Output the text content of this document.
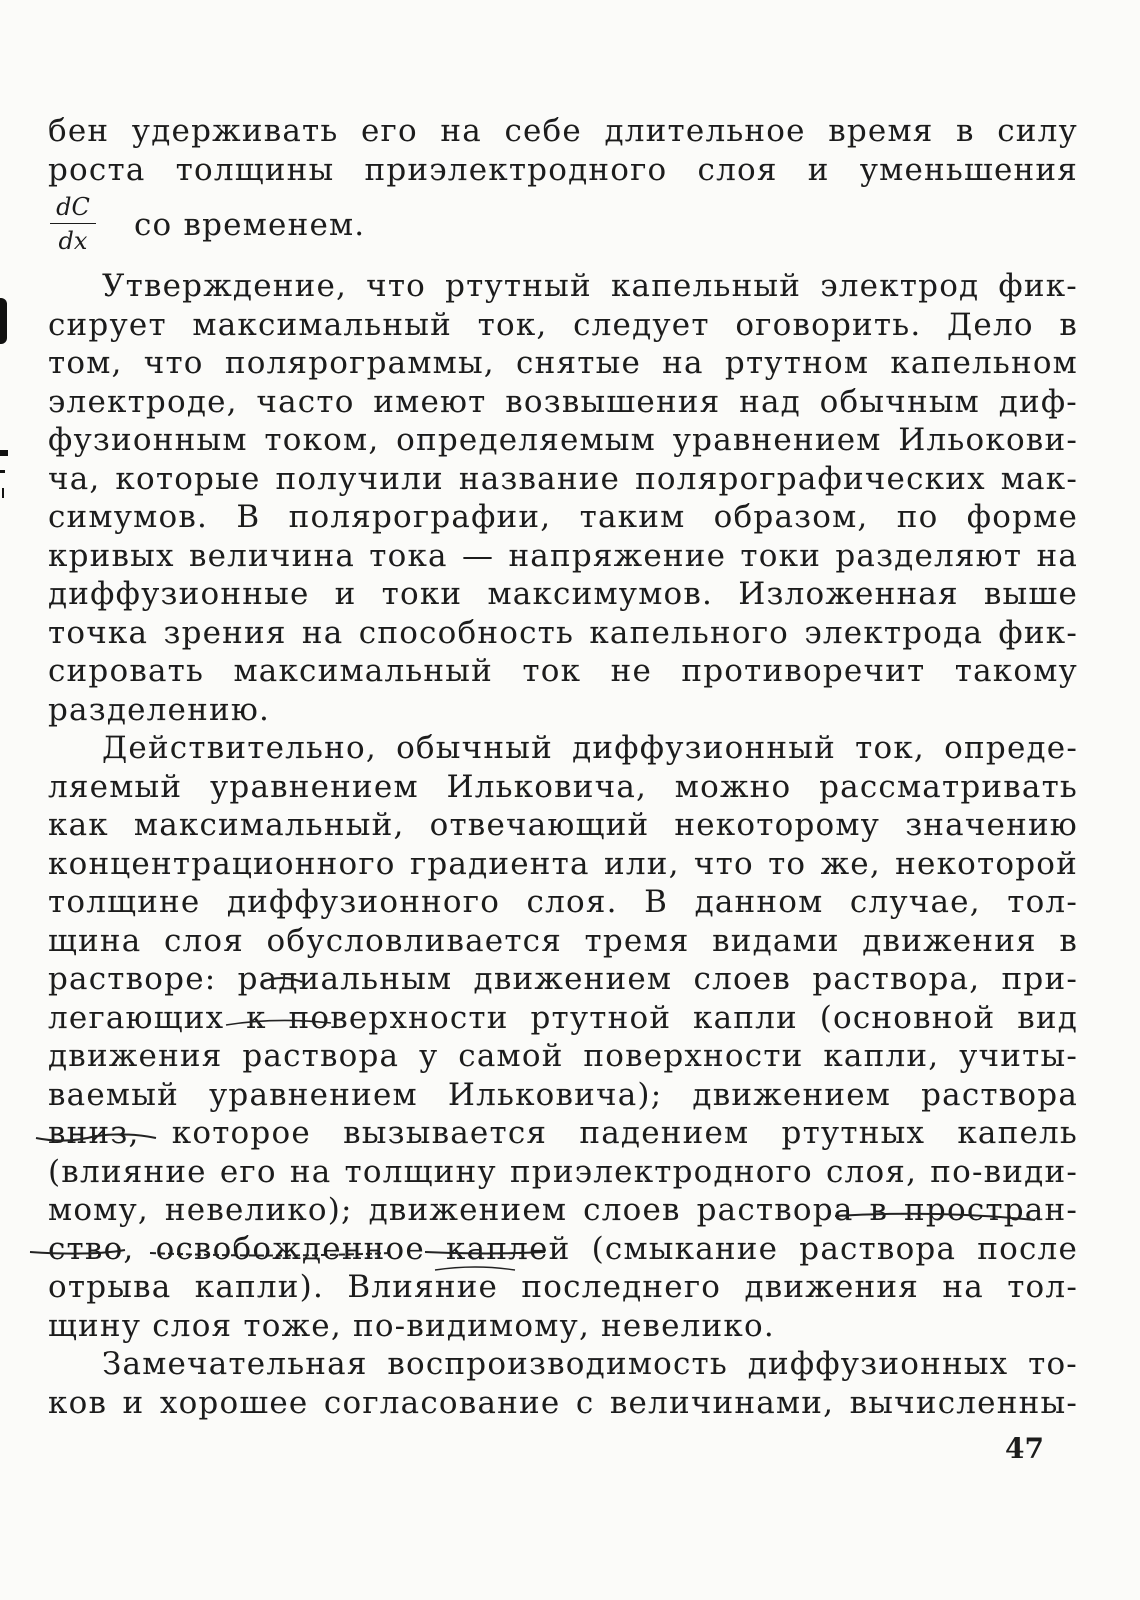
бен удерживать его на себе длительное время в силу
роста толщины приэлектродного слоя и уменьшения
$\frac{dC}{dx}$ со временем.
Утверждение, что ртутный капельный электрод фик-
сирует максимальный ток, следует оговорить. Дело в
том, что полярограммы, снятые на ртутном капельном
электроде, часто имеют возвышения над обычным диф-
фузионным током, определяемым уравнением Ильокови-
ча, которые получили название полярографических мак-
симумов. В полярографии, таким образом, по форме
кривых величина тока — напряжение токи разделяют на
диффузионные и токи максимумов. Изложенная выше
точка зрения на способность капельного электрода фик-
сировать максимальный ток не противоречит такому
разделению.
Действительно, обычный диффузионный ток, опреде-
ляемый уравнением Ильковича, можно рассматривать
как максимальный, отвечающий некоторому значению
концентрационного градиента или, что то же, некоторой
толщине диффузионного слоя. В данном случае, тол-
щина слоя обусловливается тремя видами движения в
растворе: радиальным движением слоев раствора, при-
легающих к поверхности ртутной капли (основной вид
движения раствора у самой поверхности капли, учиты-
ваемый уравнением Ильковича); движением раствора
вниз, которое вызывается падением ртутных капель
(влияние его на толщину приэлектродного слоя, по-види-
мому, невелико); движением слоев раствора в простран-
ство, освобожденное каплей (смыкание раствора после
отрыва капли). Влияние последнего движения на тол-
щину слоя тоже, по-видимому, невелико.
Замечательная воспроизводимость диффузионных то-
ков и хорошее согласование с величинами, вычисленны-
47
